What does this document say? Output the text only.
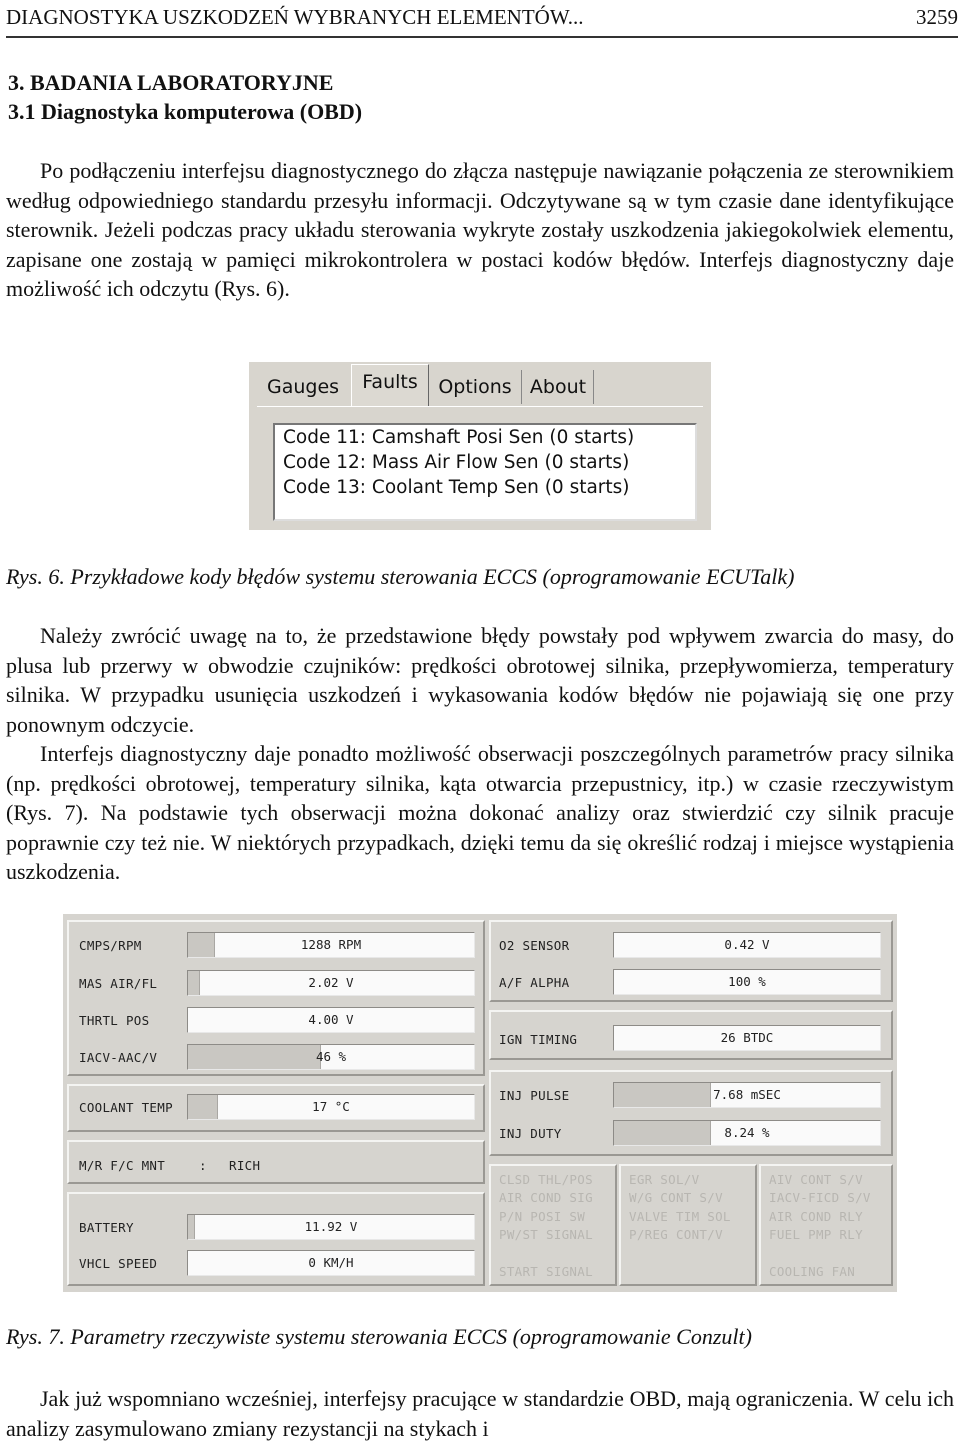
DIAGNOSTYKA USZKODZEŃ WYBRANYCH ELEMENTÓW...	3259
3. BADANIA LABORATORYJNE
3.1 Diagnostyka komputerowa (OBD)

Po podłączeniu interfejsu diagnostycznego do złącza następuje nawiązanie połączenia ze sterownikiem według odpowiedniego standardu przesyłu informacji. Odczytywane są w tym czasie dane identyfikujące sterownik. Jeżeli podczas pracy układu sterowania wykryte zostały uszkodzenia jakiegokolwiek elementu, zapisane one zostają w pamięci mikrokontrolera w postaci kodów błędów. Interfejs diagnostyczny daje możliwość ich odczytu (Rys. 6).

Gauges	Faults	Options About
Code 11: Camshaft Posi Sen (0 starts)
Code 12: Mass Air Flow Sen (0 starts)
Code 13: Coolant Temp Sen (0 starts)
Rys. 6. Przykładowe kody błędów systemu sterowania ECCS (oprogramowanie ECUTalk)

Należy zwrócić uwagę na to, że przedstawione błędy powstały pod wpływem zwarcia do masy, do plusa lub przerwy w obwodzie czujników: prędkości obrotowej silnika, przepływomierza, temperatury silnika. W przypadku usunięcia uszkodzeń i wykasowania kodów błędów nie pojawiają się one przy ponownym odczycie.

Interfejs diagnostyczny daje ponadto możliwość obserwacji poszczególnych parametrów pracy silnika (np. prędkości obrotowej, temperatury silnika, kąta otwarcia przepustnicy, itp.) w czasie rzeczywistym (Rys. 7). Na podstawie tych obserwacji można dokonać analizy oraz stwierdzić czy silnik pracuje poprawnie czy też nie. W niektórych przypadkach, dzięki temu da się określić rodzaj i miejsce wystąpienia uszkodzenia.

CMPS/RPM	1288 RPM
MAS AIR/FL	2.02 V
THRTL POS	4.00 V
IACV-AAC/V	46 %
COOLANT TEMP	17 °C
M/R F/C MNT	: RICH
BATTERY	11.92 V
VHCL SPEED	0 KM/H
O2 SENSOR	0.42 V
A/F ALPHA	100 %
IGN TIMING	26 BTDC
INJ PULSE	7.68 mSEC
INJ DUTY	8.24 %
CLSD THL/POS
AIR COND SIG
P/N POSI SW
PW/ST SIGNAL
START SIGNAL
EGR SOL/V
W/G CONT S/V
VALVE TIM SOL
P/REG CONT/V
AIV CONT S/V
IACV-FICD S/V
AIR COND RLY
FUEL PMP RLY
COOLING FAN
Rys. 7. Parametry rzeczywiste systemu sterowania ECCS (oprogramowanie Conzult)

Jak już wspomniano wcześniej, interfejsy pracujące w standardzie OBD, mają ograniczenia. W celu ich analizy zasymulowano zmiany rezystancji na stykach i
